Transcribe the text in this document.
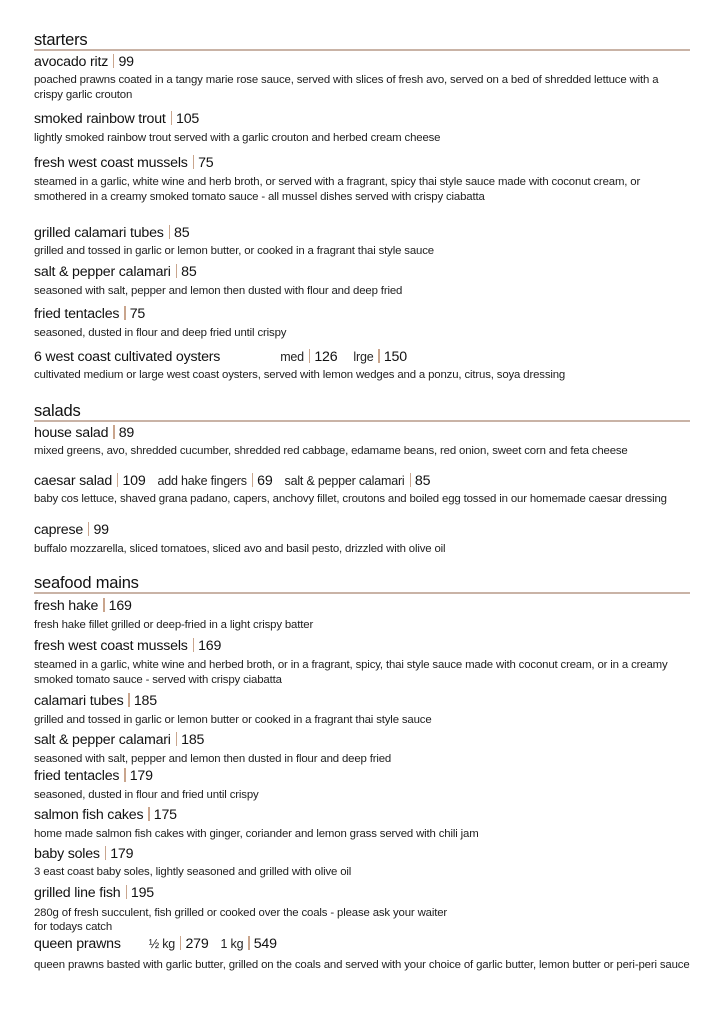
starters
avocado ritz 99
poached prawns coated in a tangy marie rose sauce, served with slices of fresh avo, served on a bed of shredded lettuce with a crispy garlic crouton
smoked rainbow trout 105
lightly smoked rainbow trout served with a garlic crouton and herbed cream cheese
fresh west coast mussels 75
steamed in a garlic, white wine and herb broth, or served with a fragrant, spicy thai style sauce made with coconut cream, or smothered in a creamy smoked tomato sauce - all mussel dishes served with crispy ciabatta
grilled calamari tubes 85
grilled and tossed in garlic or lemon butter, or cooked in a fragrant thai style sauce
salt & pepper calamari 85
seasoned with salt, pepper and lemon then dusted with flour and deep fried
fried tentacles 75
seasoned, dusted in flour and deep fried until crispy
6 west coast cultivated oysters	med 126 lrge 150
cultivated medium or large west coast oysters, served with lemon wedges and a ponzu, citrus, soya dressing
salads
house salad 89
mixed greens, avo, shredded cucumber, shredded red cabbage, edamame beans, red onion, sweet corn and feta cheese
caesar salad 109 add hake fingers 69 salt & pepper calamari 85
baby cos lettuce, shaved grana padano, capers, anchovy fillet, croutons and boiled egg tossed in our homemade caesar dressing
caprese 99
buffalo mozzarella, sliced tomatoes, sliced avo and basil pesto, drizzled with olive oil
seafood mains
fresh hake 169
fresh hake fillet grilled or deep-fried in a light crispy batter
fresh west coast mussels 169
steamed in a garlic, white wine and herbed broth, or in a fragrant, spicy, thai style sauce made with coconut cream, or in a creamy smoked tomato sauce - served with crispy ciabatta
calamari tubes 185
grilled and tossed in garlic or lemon butter or cooked in a fragrant thai style sauce
salt & pepper calamari 185
seasoned with salt, pepper and lemon then dusted in flour and deep fried
fried tentacles 179
seasoned, dusted in flour and fried until crispy
salmon fish cakes 175
home made salmon fish cakes with ginger, coriander and lemon grass served with chili jam
baby soles 179
3 east coast baby soles, lightly seasoned and grilled with olive oil
grilled line fish 195
280g of fresh succulent, fish grilled or cooked over the coals - please ask your waiter
for todays catch
queen prawns ½ kg 279 1 kg 549
queen prawns basted with garlic butter, grilled on the coals and served with your choice of garlic butter, lemon butter or peri-peri sauce
